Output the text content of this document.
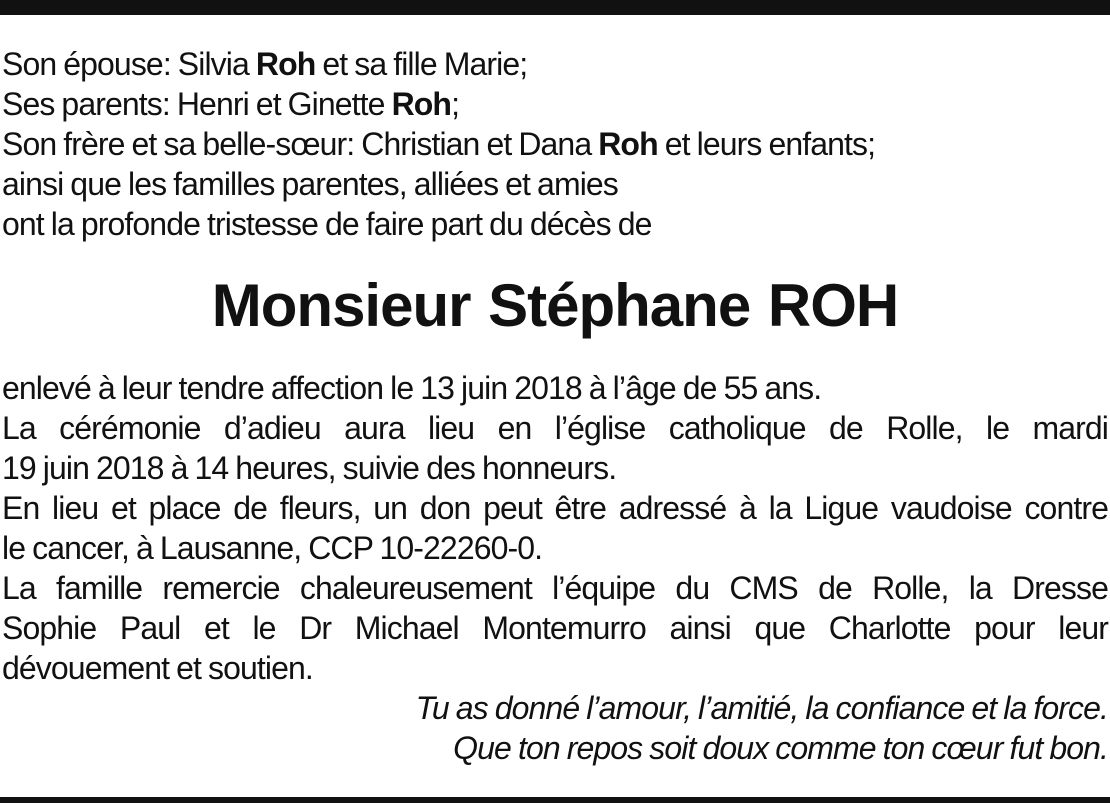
Son épouse: Silvia Roh et sa fille Marie;
Ses parents: Henri et Ginette Roh;
Son frère et sa belle-sœur: Christian et Dana Roh et leurs enfants;
ainsi que les familles parentes, alliées et amies
ont la profonde tristesse de faire part du décès de
Monsieur Stéphane ROH
enlevé à leur tendre affection le 13 juin 2018 à l’âge de 55 ans.
La cérémonie d’adieu aura lieu en l’église catholique de Rolle, le mardi
19 juin 2018 à 14 heures, suivie des honneurs.
En lieu et place de fleurs, un don peut être adressé à la Ligue vaudoise contre
le cancer, à Lausanne, CCP 10-22260-0.
La famille remercie chaleureusement l’équipe du CMS de Rolle, la Dresse
Sophie Paul et le Dr Michael Montemurro ainsi que Charlotte pour leur
dévouement et soutien.
Tu as donné l’amour, l’amitié, la confiance et la force.
Que ton repos soit doux comme ton cœur fut bon.
